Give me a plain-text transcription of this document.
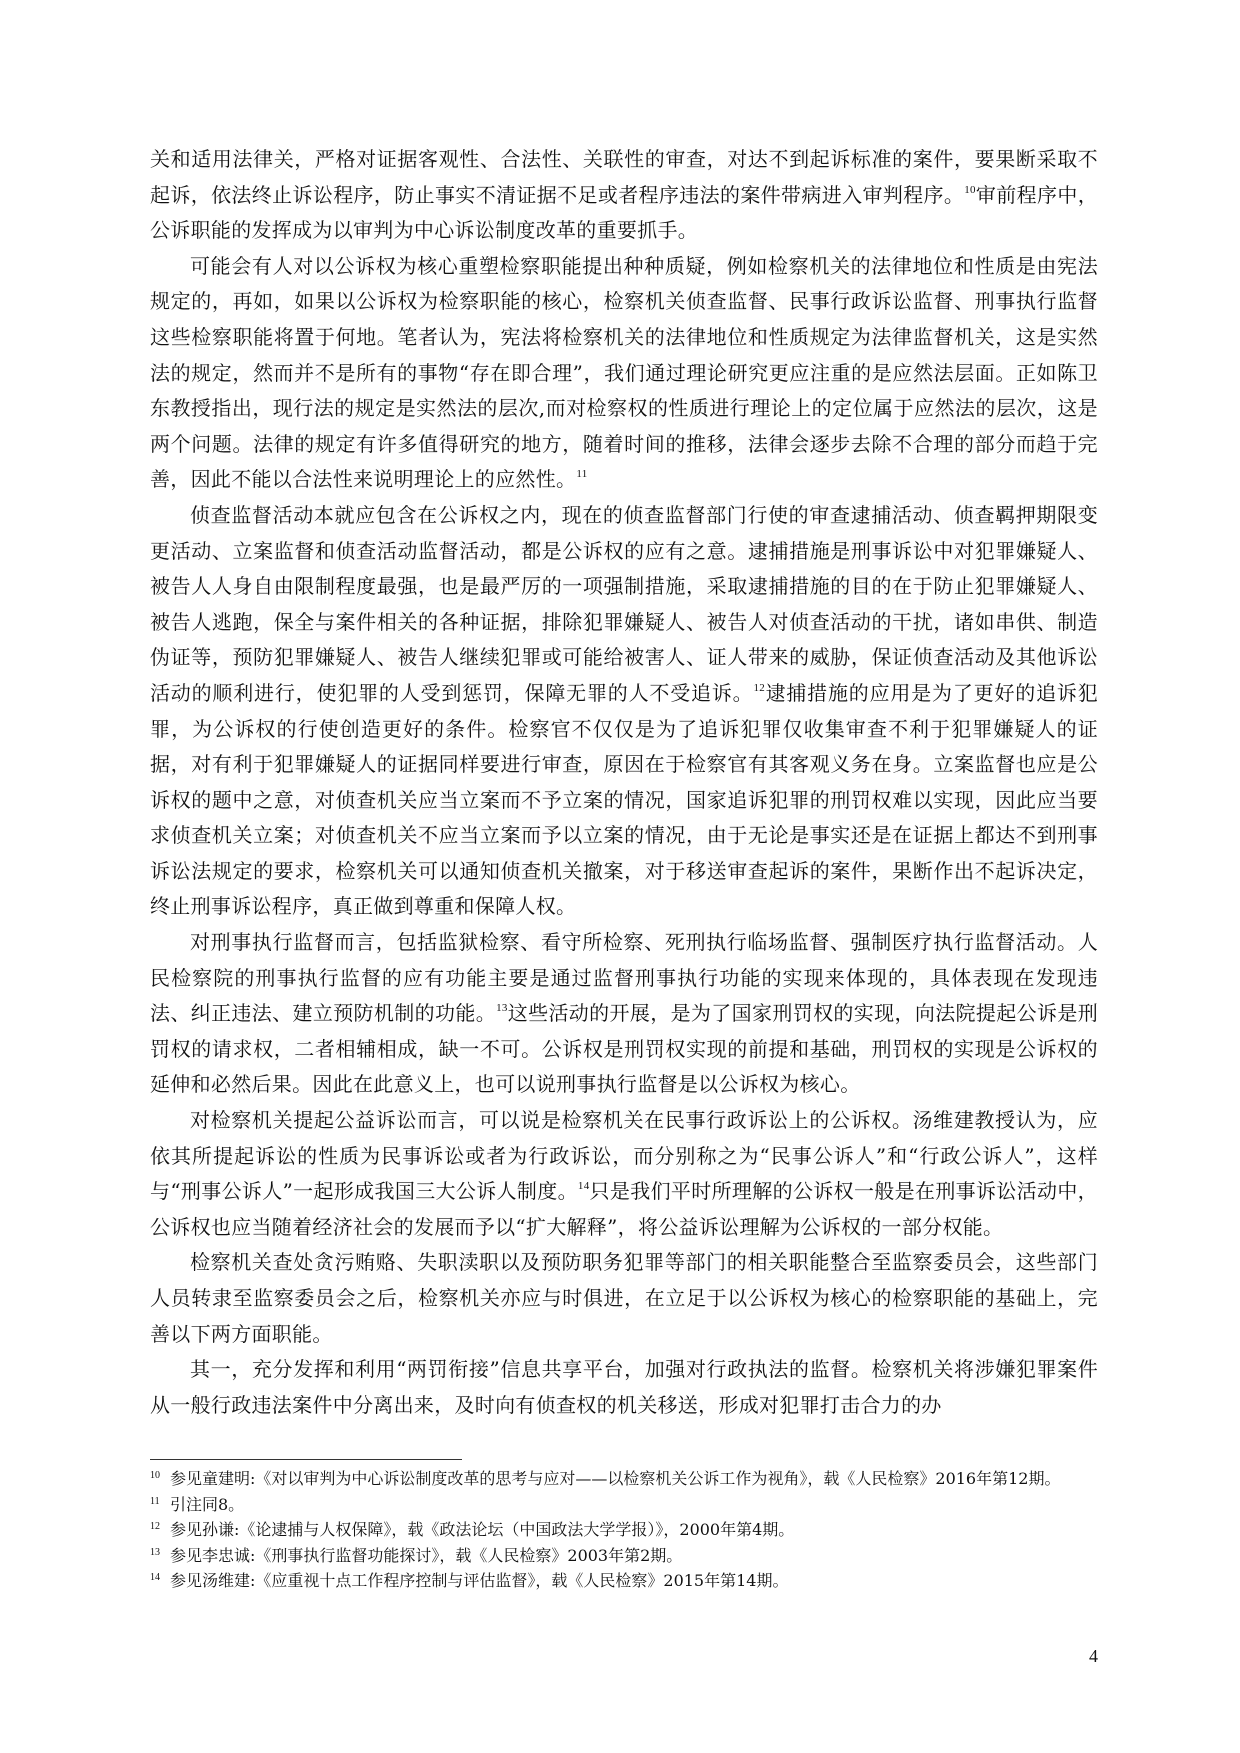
关和适用法律关，严格对证据客观性、合法性、关联性的审查，对达不到起诉标准的案件，要果断采取不起诉，依法终止诉讼程序，防止事实不清证据不足或者程序违法的案件带病进入审判程序。$^{10}$审前程序中，公诉职能的发挥成为以审判为中心诉讼制度改革的重要抓手。

可能会有人对以公诉权为核心重塑检察职能提出种种质疑，例如检察机关的法律地位和性质是由宪法规定的，再如，如果以公诉权为检察职能的核心，检察机关侦查监督、民事行政诉讼监督、刑事执行监督这些检察职能将置于何地。笔者认为，宪法将检察机关的法律地位和性质规定为法律监督机关，这是实然法的规定，然而并不是所有的事物“存在即合理”，我们通过理论研究更应注重的是应然法层面。正如陈卫东教授指出，现行法的规定是实然法的层次,而对检察权的性质进行理论上的定位属于应然法的层次，这是两个问题。法律的规定有许多值得研究的地方，随着时间的推移，法律会逐步去除不合理的部分而趋于完善，因此不能以合法性来说明理论上的应然性。$^{11}$

侦查监督活动本就应包含在公诉权之内，现在的侦查监督部门行使的审查逮捕活动、侦查羁押期限变更活动、立案监督和侦查活动监督活动，都是公诉权的应有之意。逮捕措施是刑事诉讼中对犯罪嫌疑人、被告人人身自由限制程度最强，也是最严厉的一项强制措施，采取逮捕措施的目的在于防止犯罪嫌疑人、被告人逃跑，保全与案件相关的各种证据，排除犯罪嫌疑人、被告人对侦查活动的干扰，诸如串供、制造伪证等，预防犯罪嫌疑人、被告人继续犯罪或可能给被害人、证人带来的威胁，保证侦查活动及其他诉讼活动的顺利进行，使犯罪的人受到惩罚，保障无罪的人不受追诉。$^{12}$逮捕措施的应用是为了更好的追诉犯罪，为公诉权的行使创造更好的条件。检察官不仅仅是为了追诉犯罪仅收集审查不利于犯罪嫌疑人的证据，对有利于犯罪嫌疑人的证据同样要进行审查，原因在于检察官有其客观义务在身。立案监督也应是公诉权的题中之意，对侦查机关应当立案而不予立案的情况，国家追诉犯罪的刑罚权难以实现，因此应当要求侦查机关立案；对侦查机关不应当立案而予以立案的情况，由于无论是事实还是在证据上都达不到刑事诉讼法规定的要求，检察机关可以通知侦查机关撤案，对于移送审查起诉的案件，果断作出不起诉决定，终止刑事诉讼程序，真正做到尊重和保障人权。

对刑事执行监督而言，包括监狱检察、看守所检察、死刑执行临场监督、强制医疗执行监督活动。人民检察院的刑事执行监督的应有功能主要是通过监督刑事执行功能的实现来体现的，具体表现在发现违法、纠正违法、建立预防机制的功能。$^{13}$这些活动的开展，是为了国家刑罚权的实现，向法院提起公诉是刑罚权的请求权，二者相辅相成，缺一不可。公诉权是刑罚权实现的前提和基础，刑罚权的实现是公诉权的延伸和必然后果。因此在此意义上，也可以说刑事执行监督是以公诉权为核心。

对检察机关提起公益诉讼而言，可以说是检察机关在民事行政诉讼上的公诉权。汤维建教授认为，应依其所提起诉讼的性质为民事诉讼或者为行政诉讼，而分别称之为“民事公诉人”和“行政公诉人”，这样与“刑事公诉人”一起形成我国三大公诉人制度。$^{14}$只是我们平时所理解的公诉权一般是在刑事诉讼活动中，公诉权也应当随着经济社会的发展而予以“扩大解释”，将公益诉讼理解为公诉权的一部分权能。

检察机关查处贪污贿赂、失职渎职以及预防职务犯罪等部门的相关职能整合至监察委员会，这些部门人员转隶至监察委员会之后，检察机关亦应与时俱进，在立足于以公诉权为核心的检察职能的基础上，完善以下两方面职能。

其一，充分发挥和利用“两罚衔接”信息共享平台，加强对行政执法的监督。检察机关将涉嫌犯罪案件从一般行政违法案件中分离出来，及时向有侦查权的机关移送，形成对犯罪打击合力的办

$^{10}$ 参见童建明:《对以审判为中心诉讼制度改革的思考与应对——以检察机关公诉工作为视角》，载《人民检察》2016年第12期。

$^{11}$ 引注同8。

$^{12}$ 参见孙谦:《论逮捕与人权保障》，载《政法论坛（中国政法大学学报）》，2000年第4期。

$^{13}$ 参见李忠诚:《刑事执行监督功能探讨》，载《人民检察》2003年第2期。

$^{14}$ 参见汤维建:《应重视十点工作程序控制与评估监督》，载《人民检察》2015年第14期。

4
